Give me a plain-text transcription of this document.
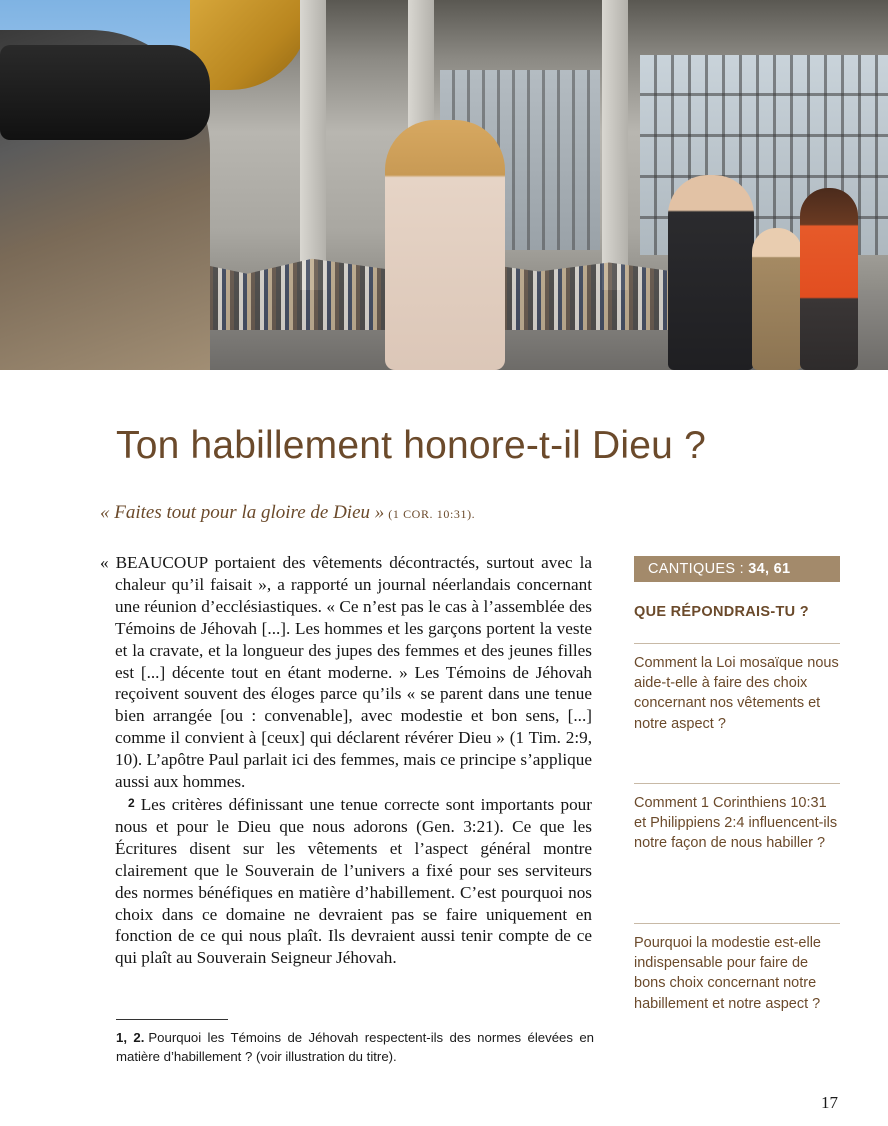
Ton habillement honore-t-il Dieu ?

« Faites tout pour la gloire de Dieu » (1 COR. 10:31).

« BEAUCOUP portaient des vêtements décontractés, surtout avec la chaleur qu’il faisait », a rapporté un journal néerlandais concernant une réunion d’ecclésiastiques. « Ce n’est pas le cas à l’assemblée des Témoins de Jéhovah [...]. Les hommes et les garçons portent la veste et la cravate, et la longueur des jupes des femmes et des jeunes filles est [...] décente tout en étant moderne. » Les Témoins de Jéhovah reçoivent souvent des éloges parce qu’ils « se parent dans une tenue bien arrangée [ou : convenable], avec modestie et bon sens, [...] comme il convient à [ceux] qui déclarent révérer Dieu » (1 Tim. 2:9, 10). L’apôtre Paul parlait ici des femmes, mais ce principe s’applique aussi aux hommes.

2 Les critères définissant une tenue correcte sont importants pour nous et pour le Dieu que nous adorons (Gen. 3:21). Ce que les Écritures disent sur les vêtements et l’aspect général montre clairement que le Souverain de l’univers a fixé pour ses serviteurs des normes bénéfiques en matière d’habillement. C’est pourquoi nos choix dans ce domaine ne devraient pas se faire uniquement en fonction de ce qui nous plaît. Ils devraient aussi tenir compte de ce qui plaît au Souverain Seigneur Jéhovah.

1, 2. Pourquoi les Témoins de Jéhovah respectent-ils des normes élevées en matière d’habillement ? (voir illustration du titre).

CANTIQUES : 34, 61

QUE RÉPONDRAIS-TU ?

Comment la Loi mosaïque nous aide-t-elle à faire des choix concernant nos vêtements et notre aspect ?

Comment 1 Corinthiens 10:31 et Philippiens 2:4 influencent-ils notre façon de nous habiller ?

Pourquoi la modestie est-elle indispensable pour faire de bons choix concernant notre habillement et notre aspect ?

17
